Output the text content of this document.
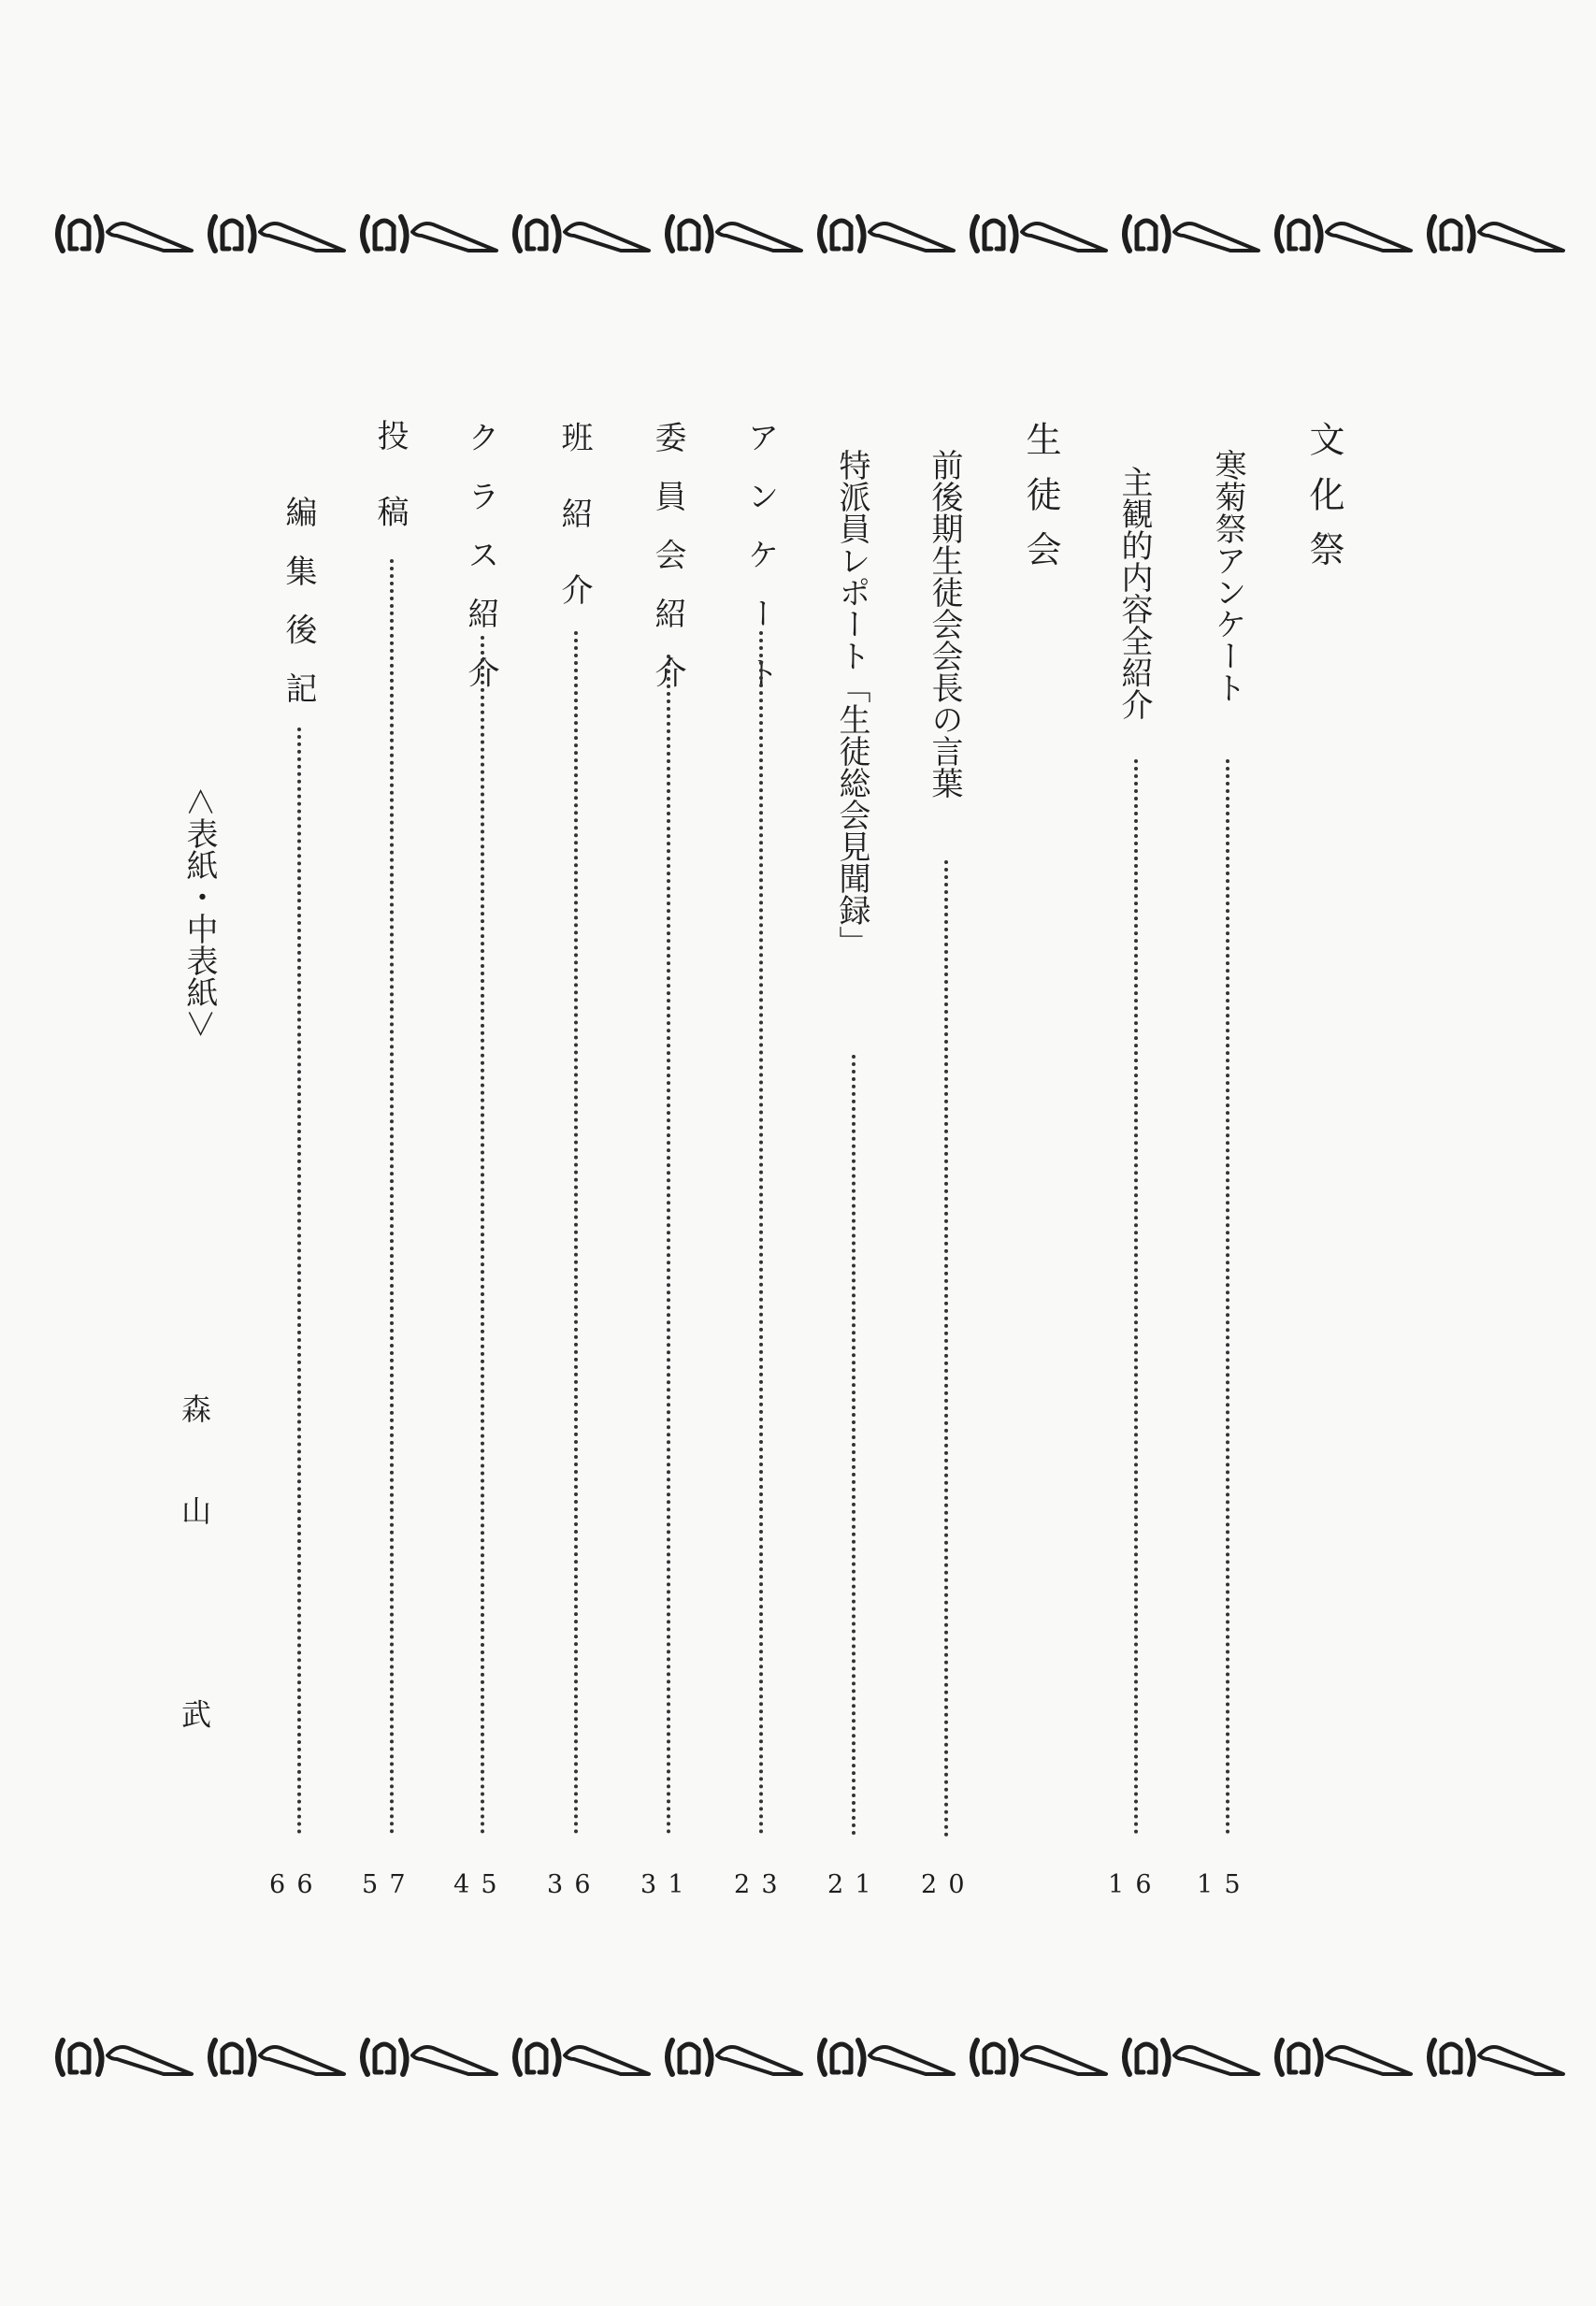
文化祭
寒菊祭アンケート
15
主観的内容全紹介
16
生徒会
前後期生徒会会長の言葉
20
特派員レポート「生徒総会見聞録」
21
アンケート
23
委員会紹介
31
班紹介
36
クラス紹介
45
投稿
57
編集後記
66
＜表紙・中表紙＞
森山　武
